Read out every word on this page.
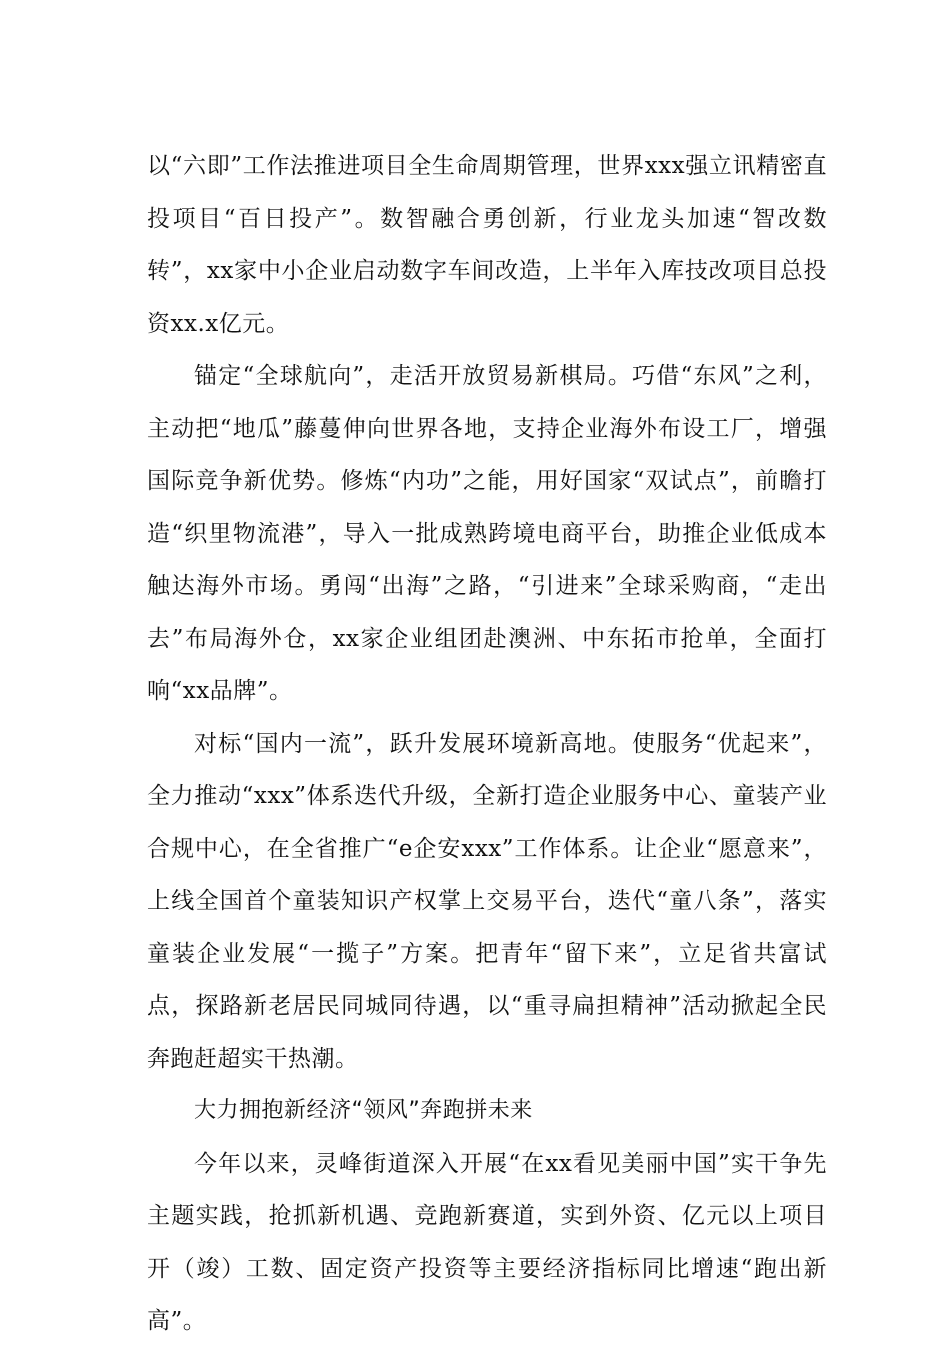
以“六即”工作法推进项目全生命周期管理，世界xxx强立讯精密直投项目“百日投产”。数智融合勇创新，行业龙头加速“智改数转”，xx家中小企业启动数字车间改造，上半年入库技改项目总投资xx.x亿元。

锚定“全球航向”，走活开放贸易新棋局。巧借“东风”之利，主动把“地瓜”藤蔓伸向世界各地，支持企业海外布设工厂，增强国际竞争新优势。修炼“内功”之能，用好国家“双试点”，前瞻打造“织里物流港”，导入一批成熟跨境电商平台，助推企业低成本触达海外市场。勇闯“出海”之路，“引进来”全球采购商，“走出去”布局海外仓，xx家企业组团赴澳洲、中东拓市抢单，全面打响“xx品牌”。

对标“国内一流”，跃升发展环境新高地。使服务“优起来”，全力推动“xxx”体系迭代升级，全新打造企业服务中心、童装产业合规中心，在全省推广“e企安xxx”工作体系。让企业“愿意来”，上线全国首个童装知识产权掌上交易平台，迭代“童八条”，落实童装企业发展“一揽子”方案。把青年“留下来”，立足省共富试点，探路新老居民同城同待遇，以“重寻扁担精神”活动掀起全民奔跑赶超实干热潮。

大力拥抱新经济“领风”奔跑拼未来

今年以来，灵峰街道深入开展“在xx看见美丽中国”实干争先主题实践，抢抓新机遇、竞跑新赛道，实到外资、亿元以上项目开（竣）工数、固定资产投资等主要经济指标同比增速“跑出新高”。
